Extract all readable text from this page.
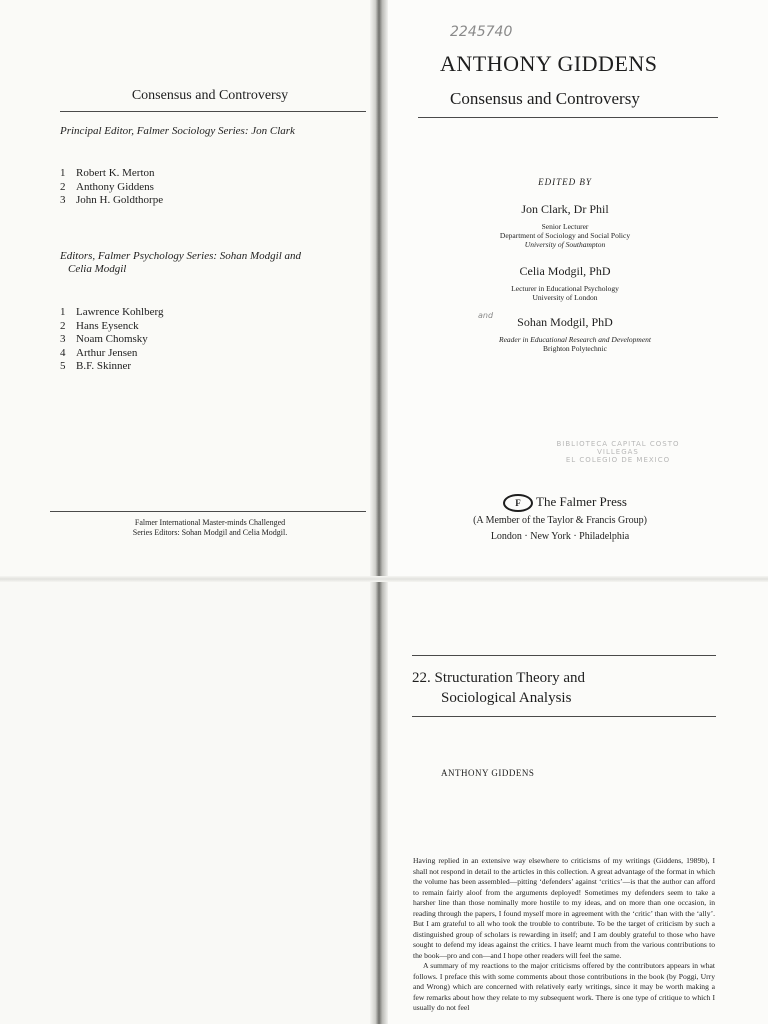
Consensus and Controversy
Principal Editor, Falmer Sociology Series: Jon Clark
1 Robert K. Merton
2 Anthony Giddens
3 John H. Goldthorpe
Editors, Falmer Psychology Series: Sohan Modgil and
Celia Modgil
1 Lawrence Kohlberg
2 Hans Eysenck
3 Noam Chomsky
4 Arthur Jensen
5 B.F. Skinner
Falmer International Master-minds Challenged
Series Editors: Sohan Modgil and Celia Modgil.
2245740
ANTHONY GIDDENS
Consensus and Controversy
EDITED BY
Jon Clark, Dr Phil
Senior Lecturer
Department of Sociology and Social Policy
University of Southampton
Celia Modgil, PhD
Lecturer in Educational Psychology
University of London
and	Sohan Modgil, PhD
Reader in Educational Research and Development
Brighton Polytechnic
BIBLIOTECA CAPITAL COSTO VILLEGAS
EL COLEGIO DE MEXICO
F The Falmer Press
(A Member of the Taylor & Francis Group)
London · New York · Philadelphia
22. Structuration Theory and
Sociological Analysis
ANTHONY GIDDENS

Having replied in an extensive way elsewhere to criticisms of my writings (Giddens, 1989b), I shall not respond in detail to the articles in this collection. A great advantage of the format in which the volume has been assembled—pitting ‘defenders’ against ‘critics’—is that the author can afford to remain fairly aloof from the arguments deployed! Sometimes my defenders seem to take a harsher line than those nominally more hostile to my ideas, and on more than one occasion, in reading through the papers, I found myself more in agreement with the ‘critic’ than with the ‘ally’. But I am grateful to all who took the trouble to contribute. To be the target of criticism by such a distinguished group of scholars is rewarding in itself; and I am doubly grateful to those who have sought to defend my ideas against the critics. I have learnt much from the various contributions to the book—pro and con—and I hope other readers will feel the same.

A summary of my reactions to the major criticisms offered by the contributors appears in what follows. I preface this with some comments about those contributions in the book (by Poggi, Urry and Wrong) which are concerned with relatively early writings, since it may be worth making a few remarks about how they relate to my subsequent work. There is one type of critique to which I usually do not feel
